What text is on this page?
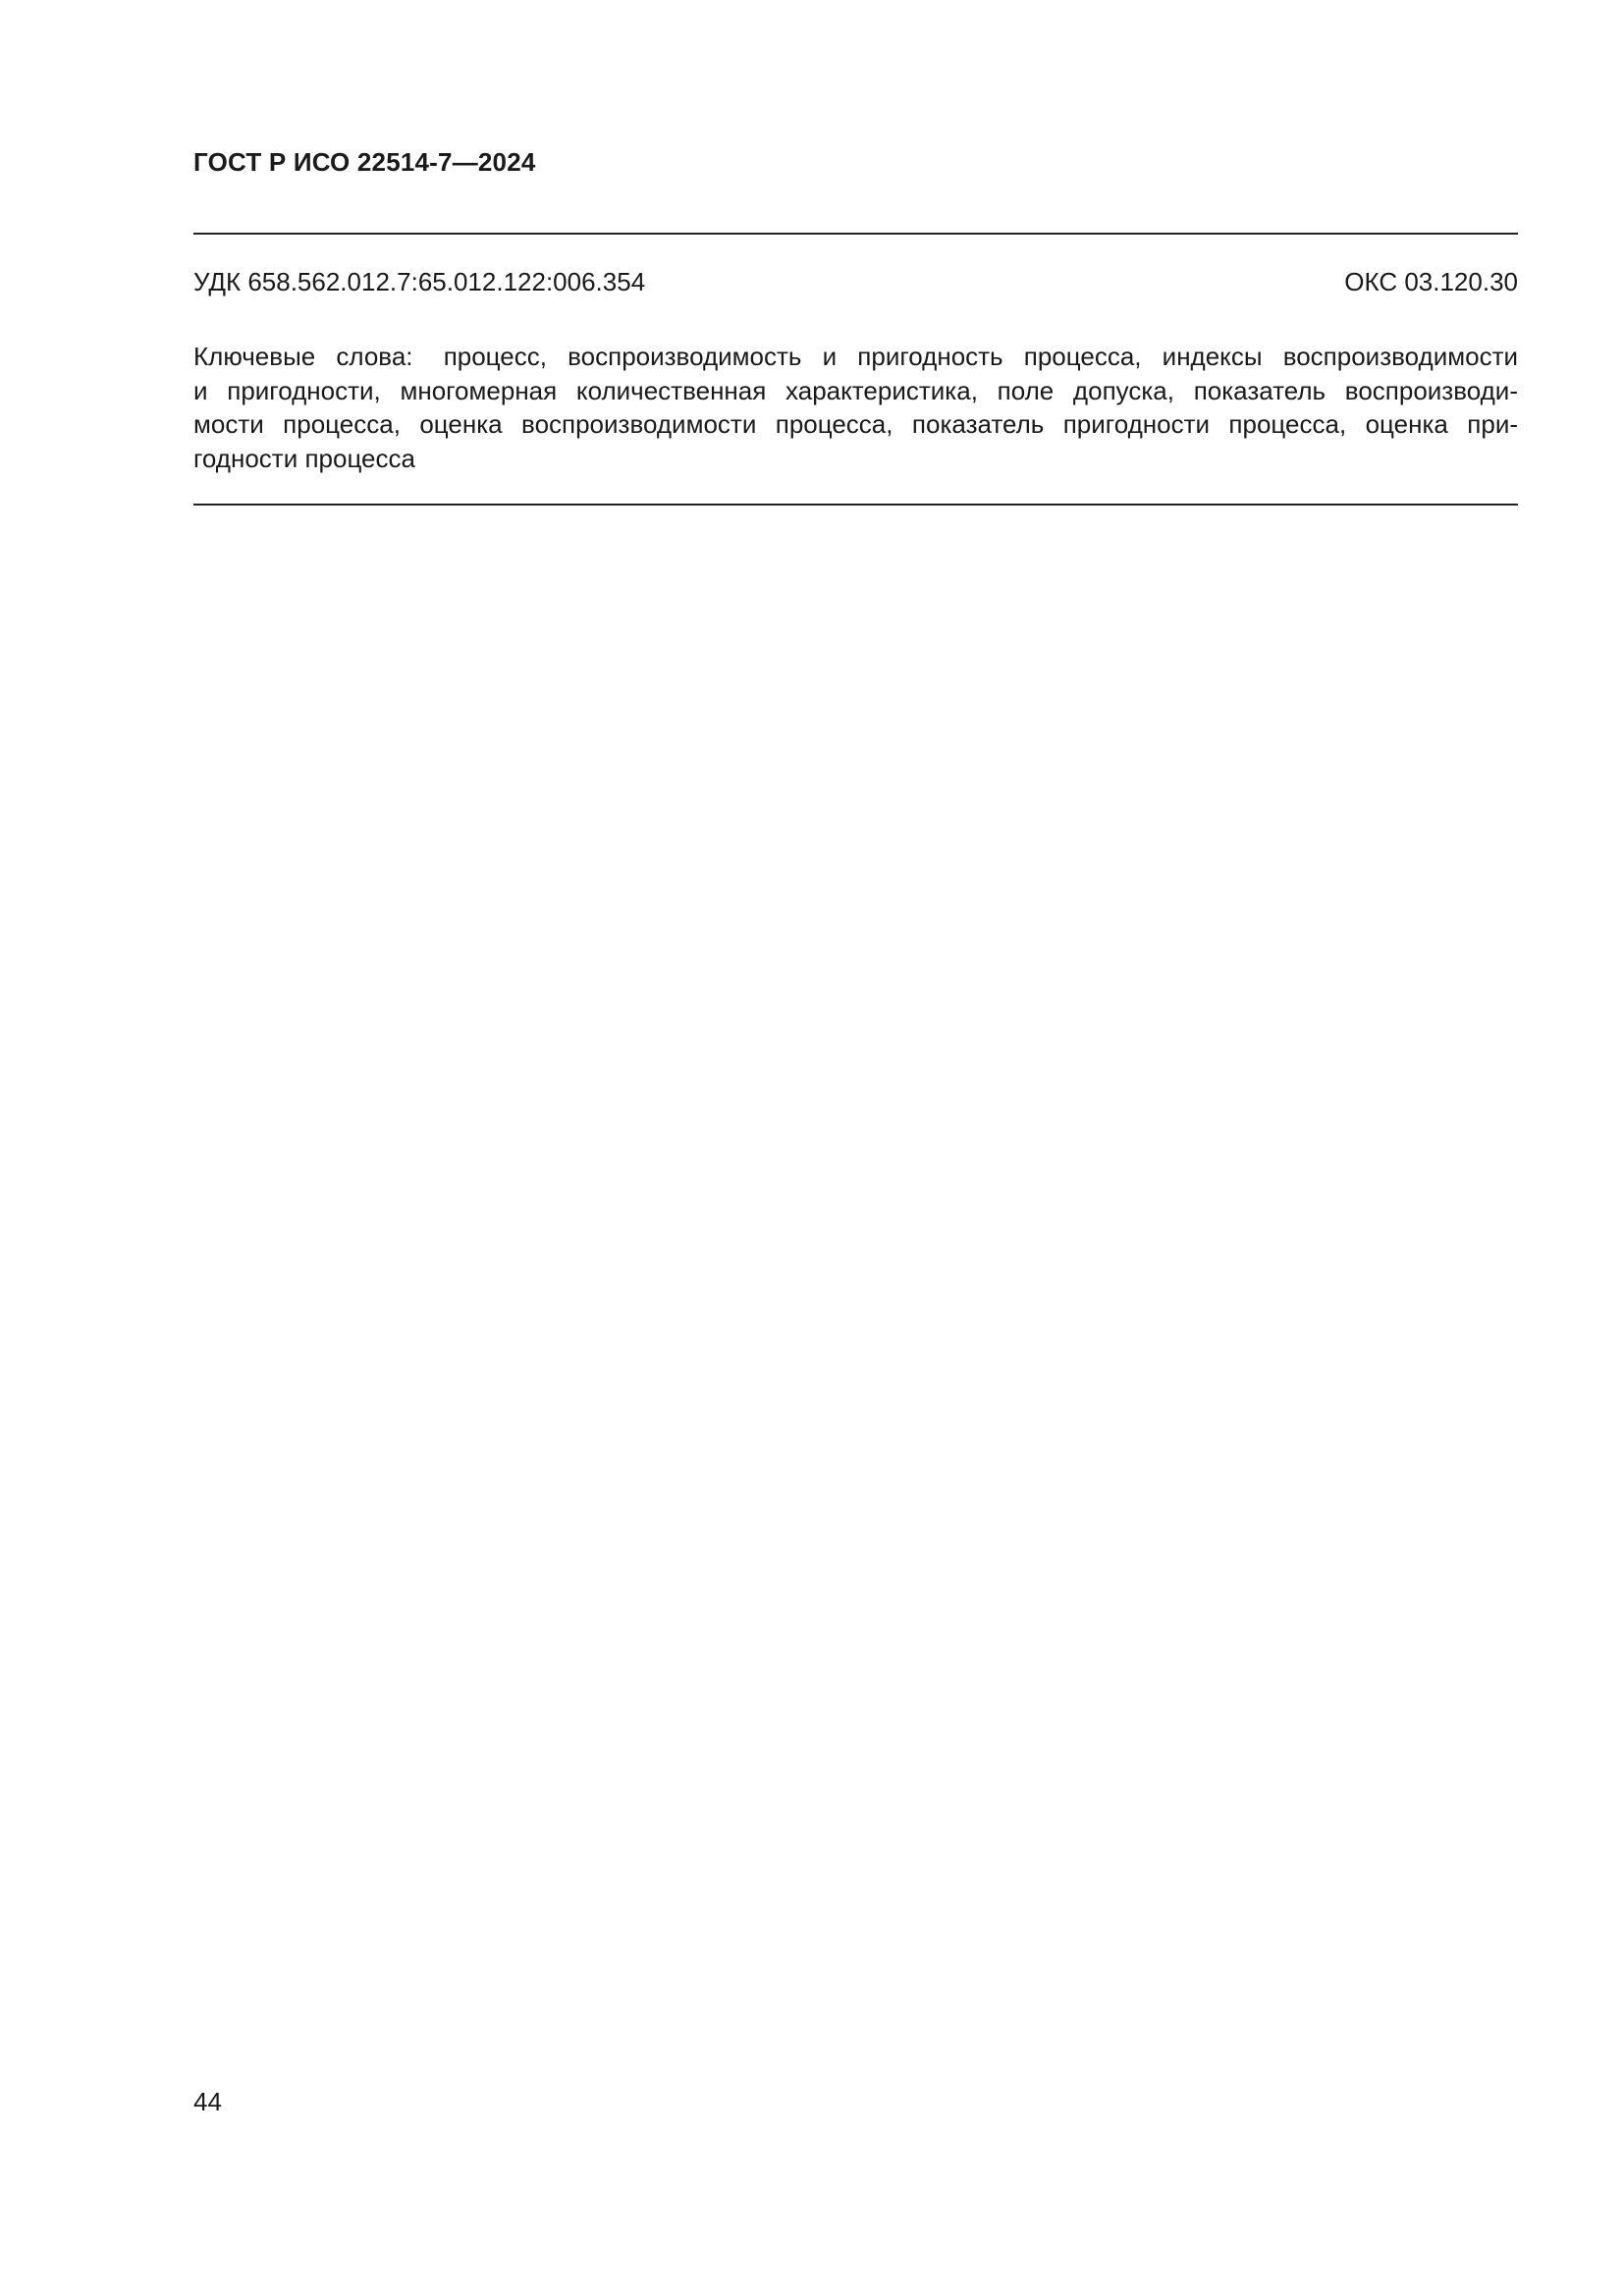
ГОСТ Р ИСО 22514-7—2024
УДК 658.562.012.7:65.012.122:006.354	ОКС 03.120.30
Ключевые слова: процесс, воспроизводимость и пригодность процесса, индексы воспроизводимости
и пригодности, многомерная количественная характеристика, поле допуска, показатель воспроизводи-
мости процесса, оценка воспроизводимости процесса, показатель пригодности процесса, оценка при-
годности процесса
44
